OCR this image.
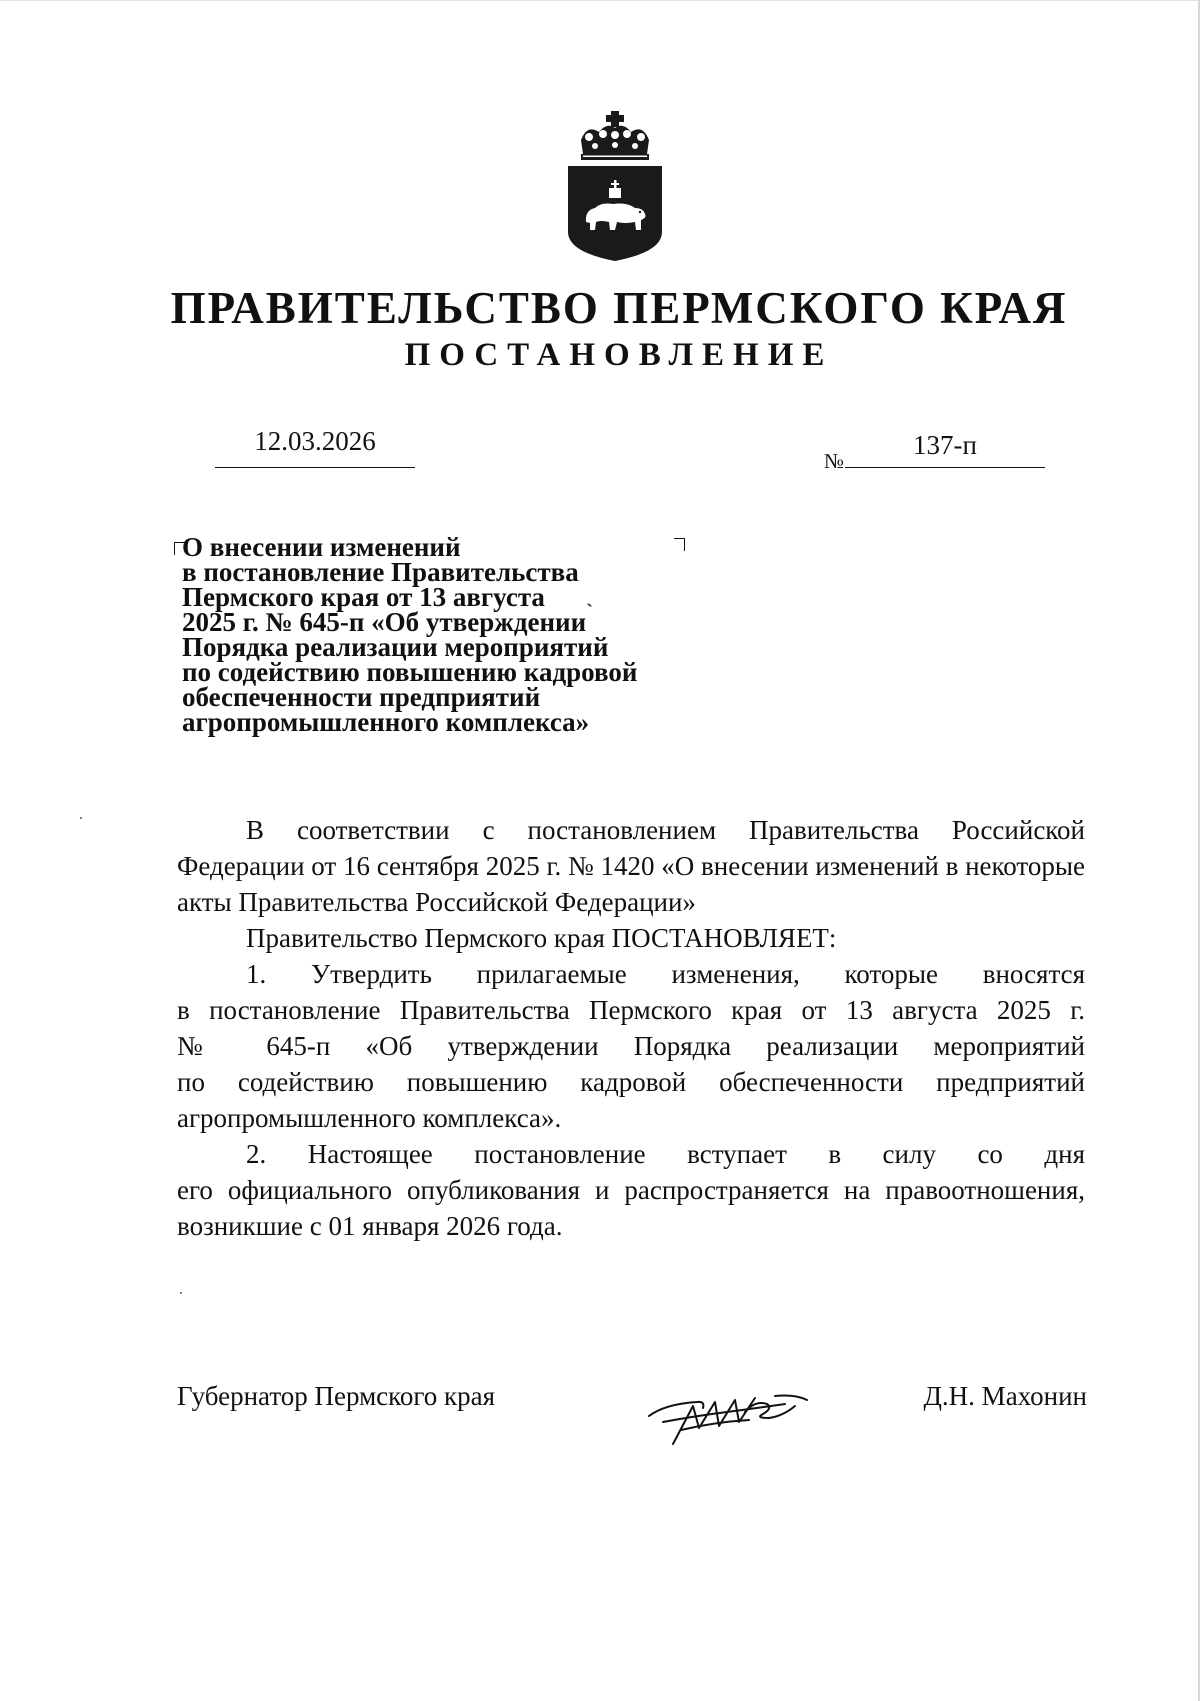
ПРАВИТЕЛЬСТВО ПЕРМСКОГО КРАЯ
ПОСТАНОВЛЕНИЕ
12.03.2026
№
137-п
О внесении изменений
в постановление Правительства
Пермского края от 13 августа
2025 г. № 645-п «Об утверждении
Порядка реализации мероприятий
по содействию повышению кадровой
обеспеченности предприятий
агропромышленного комплекса»

В соответствии с постановлением Правительства Российской Федерации от 16 сентября 2025 г. № 1420 «О внесении изменений в некоторые акты Правительства Российской Федерации»

Правительство Пермского края ПОСТАНОВЛЯЕТ:

1. Утвердить прилагаемые изменения, которые вносятся
в постановление Правительства Пермского края от 13 августа 2025 г.
№ 645-п «Об утверждении Порядка реализации мероприятий
по содействию повышению кадровой обеспеченности предприятий
агропромышленного комплекса».
2. Настоящее постановление вступает в силу со дня
его официального опубликования и распространяется на правоотношения,
возникшие с 01 января 2026 года.
Губернатор Пермского края	Д.Н. Махонин
